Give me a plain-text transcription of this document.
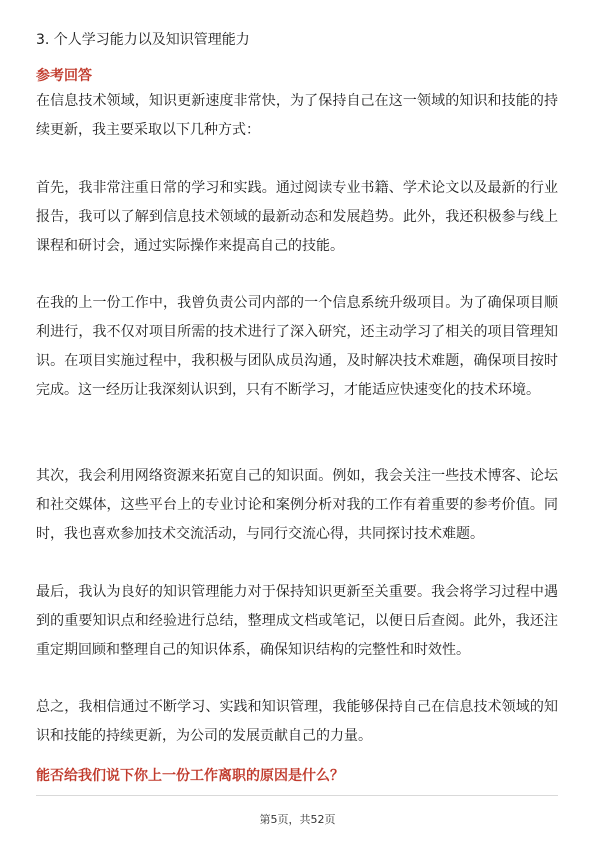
3. 个人学习能力以及知识管理能力
参考回答

在信息技术领域，知识更新速度非常快，为了保持自己在这一领域的知识和技能的持续更新，我主要采取以下几种方式：

首先，我非常注重日常的学习和实践。通过阅读专业书籍、学术论文以及最新的行业报告，我可以了解到信息技术领域的最新动态和发展趋势。此外，我还积极参与线上课程和研讨会，通过实际操作来提高自己的技能。

在我的上一份工作中，我曾负责公司内部的一个信息系统升级项目。为了确保项目顺利进行，我不仅对项目所需的技术进行了深入研究，还主动学习了相关的项目管理知识。在项目实施过程中，我积极与团队成员沟通，及时解决技术难题，确保项目按时完成。这一经历让我深刻认识到，只有不断学习，才能适应快速变化的技术环境。

其次，我会利用网络资源来拓宽自己的知识面。例如，我会关注一些技术博客、论坛和社交媒体，这些平台上的专业讨论和案例分析对我的工作有着重要的参考价值。同时，我也喜欢参加技术交流活动，与同行交流心得，共同探讨技术难题。

最后，我认为良好的知识管理能力对于保持知识更新至关重要。我会将学习过程中遇到的重要知识点和经验进行总结，整理成文档或笔记，以便日后查阅。此外，我还注重定期回顾和整理自己的知识体系，确保知识结构的完整性和时效性。

总之，我相信通过不断学习、实践和知识管理，我能够保持自己在信息技术领域的知识和技能的持续更新，为公司的发展贡献自己的力量。

能否给我们说下你上一份工作离职的原因是什么？
第5页，共52页
